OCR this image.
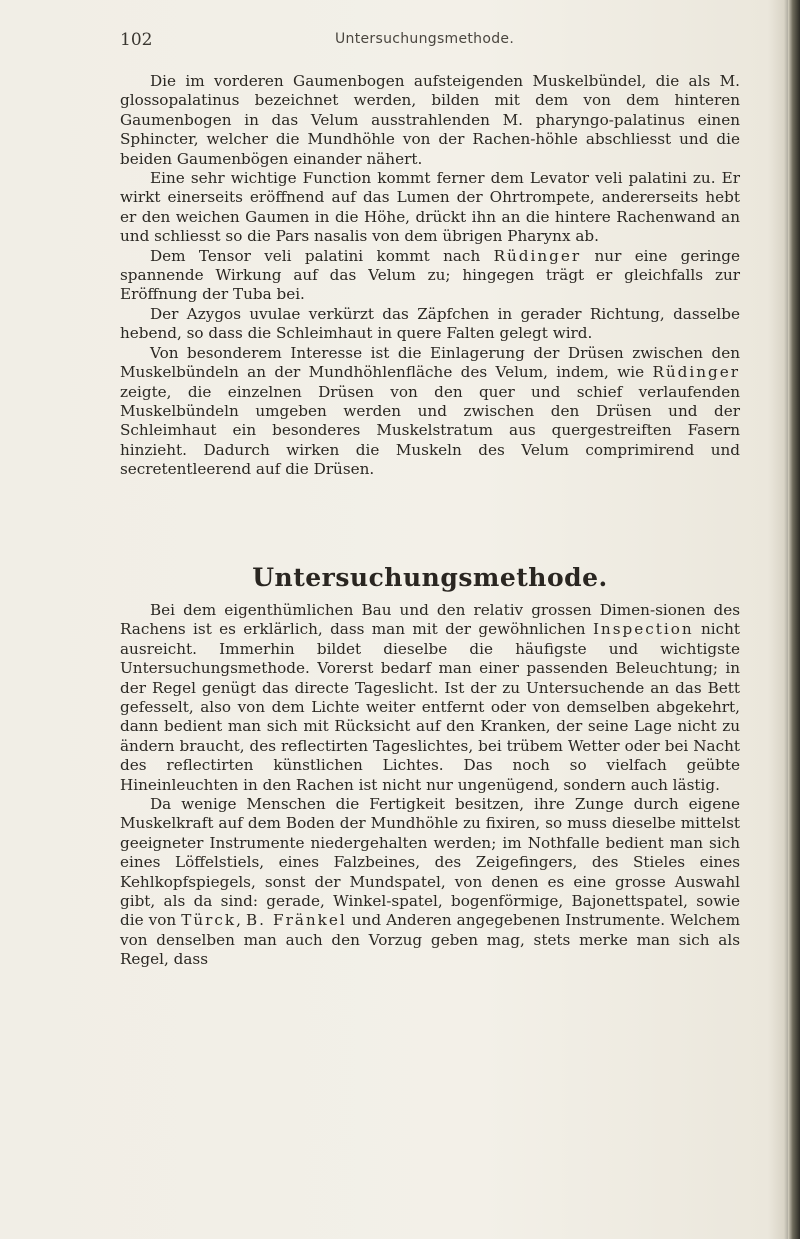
102	Untersuchungsmethode.

Die im vorderen Gaumenbogen aufsteigenden Muskelbündel, die als M. glossopalatinus bezeichnet werden, bilden mit dem von dem hinteren Gaumenbogen in das Velum ausstrahlenden M. pharyngo-palatinus einen Sphincter, welcher die Mundhöhle von der Rachen-höhle abschliesst und die beiden Gaumenbögen einander nähert.

Eine sehr wichtige Function kommt ferner dem Levator veli palatini zu. Er wirkt einerseits eröffnend auf das Lumen der Ohrtrompete, andererseits hebt er den weichen Gaumen in die Höhe, drückt ihn an die hintere Rachenwand an und schliesst so die Pars nasalis von dem übrigen Pharynx ab.

Dem Tensor veli palatini kommt nach Rüdinger nur eine geringe spannende Wirkung auf das Velum zu; hingegen trägt er gleichfalls zur Eröffnung der Tuba bei.

Der Azygos uvulae verkürzt das Zäpfchen in gerader Richtung, dasselbe hebend, so dass die Schleimhaut in quere Falten gelegt wird.

Von besonderem Interesse ist die Einlagerung der Drüsen zwischen den Muskelbündeln an der Mundhöhlenfläche des Velum, indem, wie Rüdinger zeigte, die einzelnen Drüsen von den quer und schief verlaufenden Muskelbündeln umgeben werden und zwischen den Drüsen und der Schleimhaut ein besonderes Muskelstratum aus quergestreiften Fasern hinzieht. Dadurch wirken die Muskeln des Velum comprimirend und secretentleerend auf die Drüsen.

Untersuchungsmethode.

Bei dem eigenthümlichen Bau und den relativ grossen Dimen-sionen des Rachens ist es erklärlich, dass man mit der gewöhnlichen Inspection nicht ausreicht. Immerhin bildet dieselbe die häufigste und wichtigste Untersuchungsmethode. Vorerst bedarf man einer passenden Beleuchtung; in der Regel genügt das directe Tageslicht. Ist der zu Untersuchende an das Bett gefesselt, also von dem Lichte weiter entfernt oder von demselben abgekehrt, dann bedient man sich mit Rücksicht auf den Kranken, der seine Lage nicht zu ändern braucht, des reflectirten Tageslichtes, bei trübem Wetter oder bei Nacht des reflectirten künstlichen Lichtes. Das noch so vielfach geübte Hineinleuchten in den Rachen ist nicht nur ungenügend, sondern auch lästig.

Da wenige Menschen die Fertigkeit besitzen, ihre Zunge durch eigene Muskelkraft auf dem Boden der Mundhöhle zu fixiren, so muss dieselbe mittelst geeigneter Instrumente niedergehalten werden; im Nothfalle bedient man sich eines Löffelstiels, eines Falzbeines, des Zeigefingers, des Stieles eines Kehlkopfspiegels, sonst der Mundspatel, von denen es eine grosse Auswahl gibt, als da sind: gerade, Winkel-spatel, bogenförmige, Bajonettspatel, sowie die von Türck, B. Fränkel und Anderen angegebenen Instrumente. Welchem von denselben man auch den Vorzug geben mag, stets merke man sich als Regel, dass
